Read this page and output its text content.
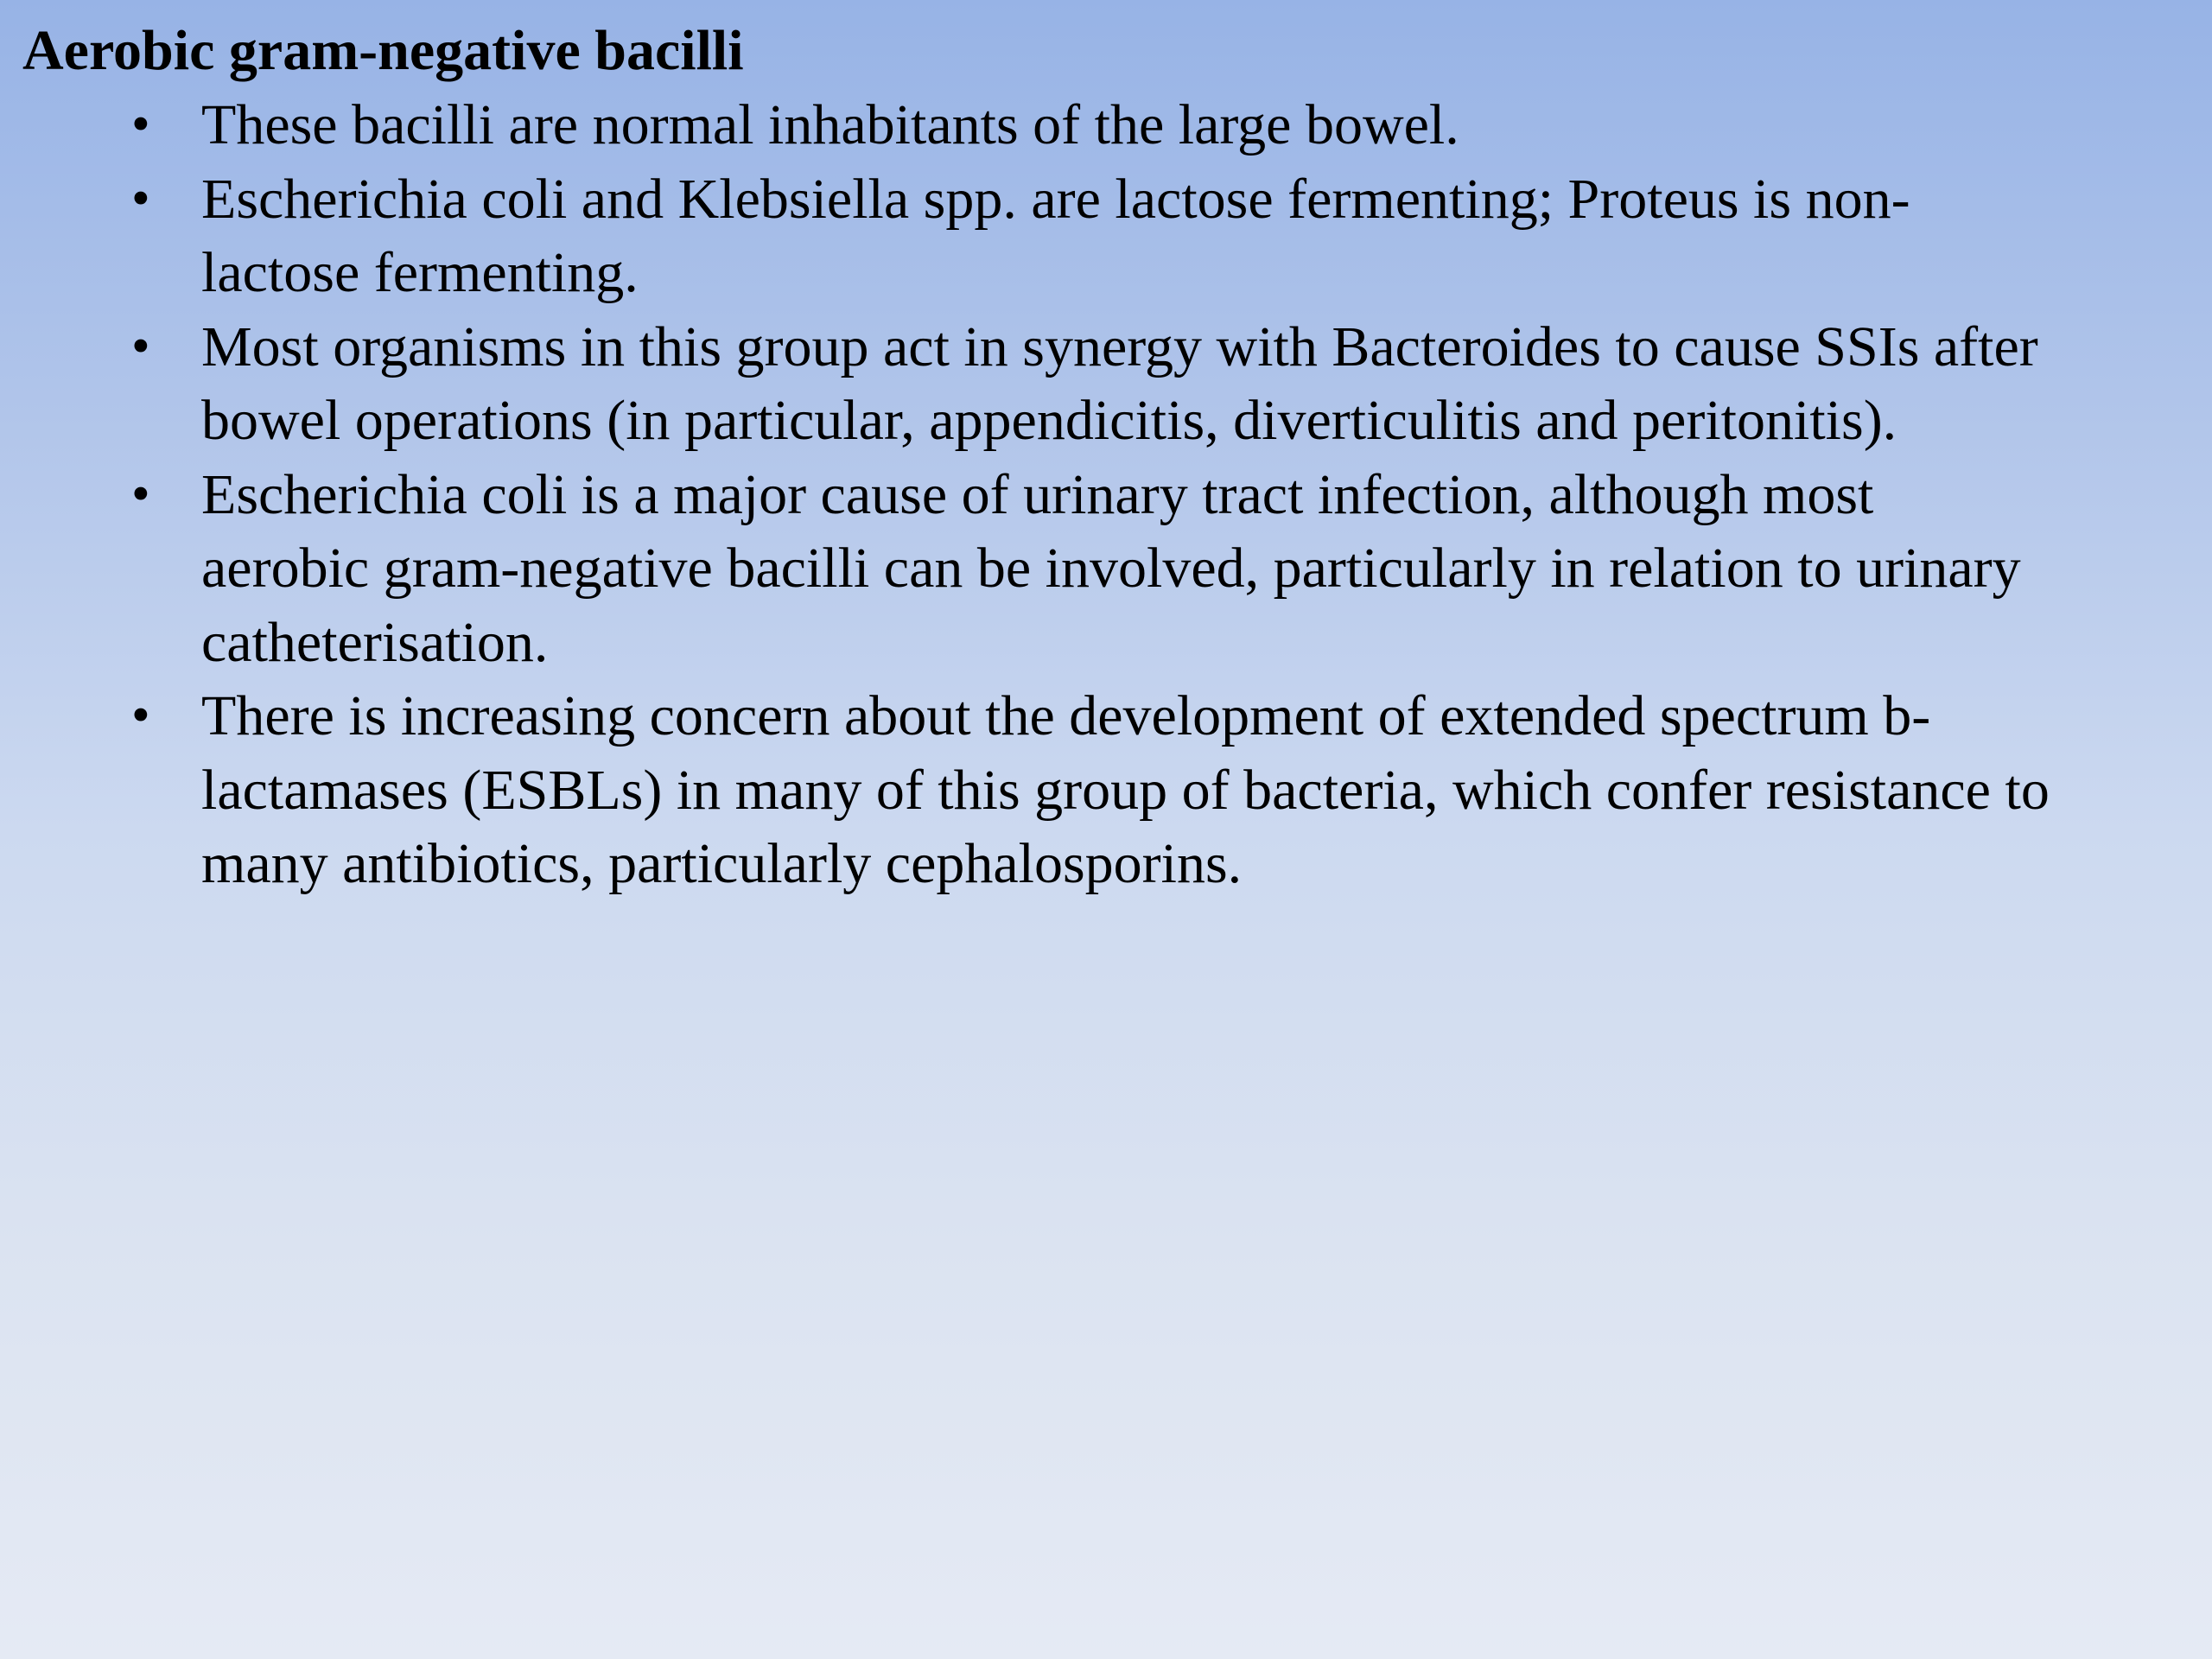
Aerobic gram-negative bacilli
• These bacilli are normal inhabitants of the large bowel.
• Escherichia coli and Klebsiella spp. are lactose fermenting; Proteus is non-
lactose fermenting.
• Most organisms in this group act in synergy with Bacteroides to cause SSIs after
bowel operations (in particular, appendicitis, diverticulitis and peritonitis).
• Escherichia coli is a major cause of urinary tract infection, although most
aerobic gram-negative bacilli can be involved, particularly in relation to urinary
catheterisation.
• There is increasing concern about the development of extended spectrum b-
lactamases (ESBLs) in many of this group of bacteria, which confer resistance to
many antibiotics, particularly cephalosporins.
